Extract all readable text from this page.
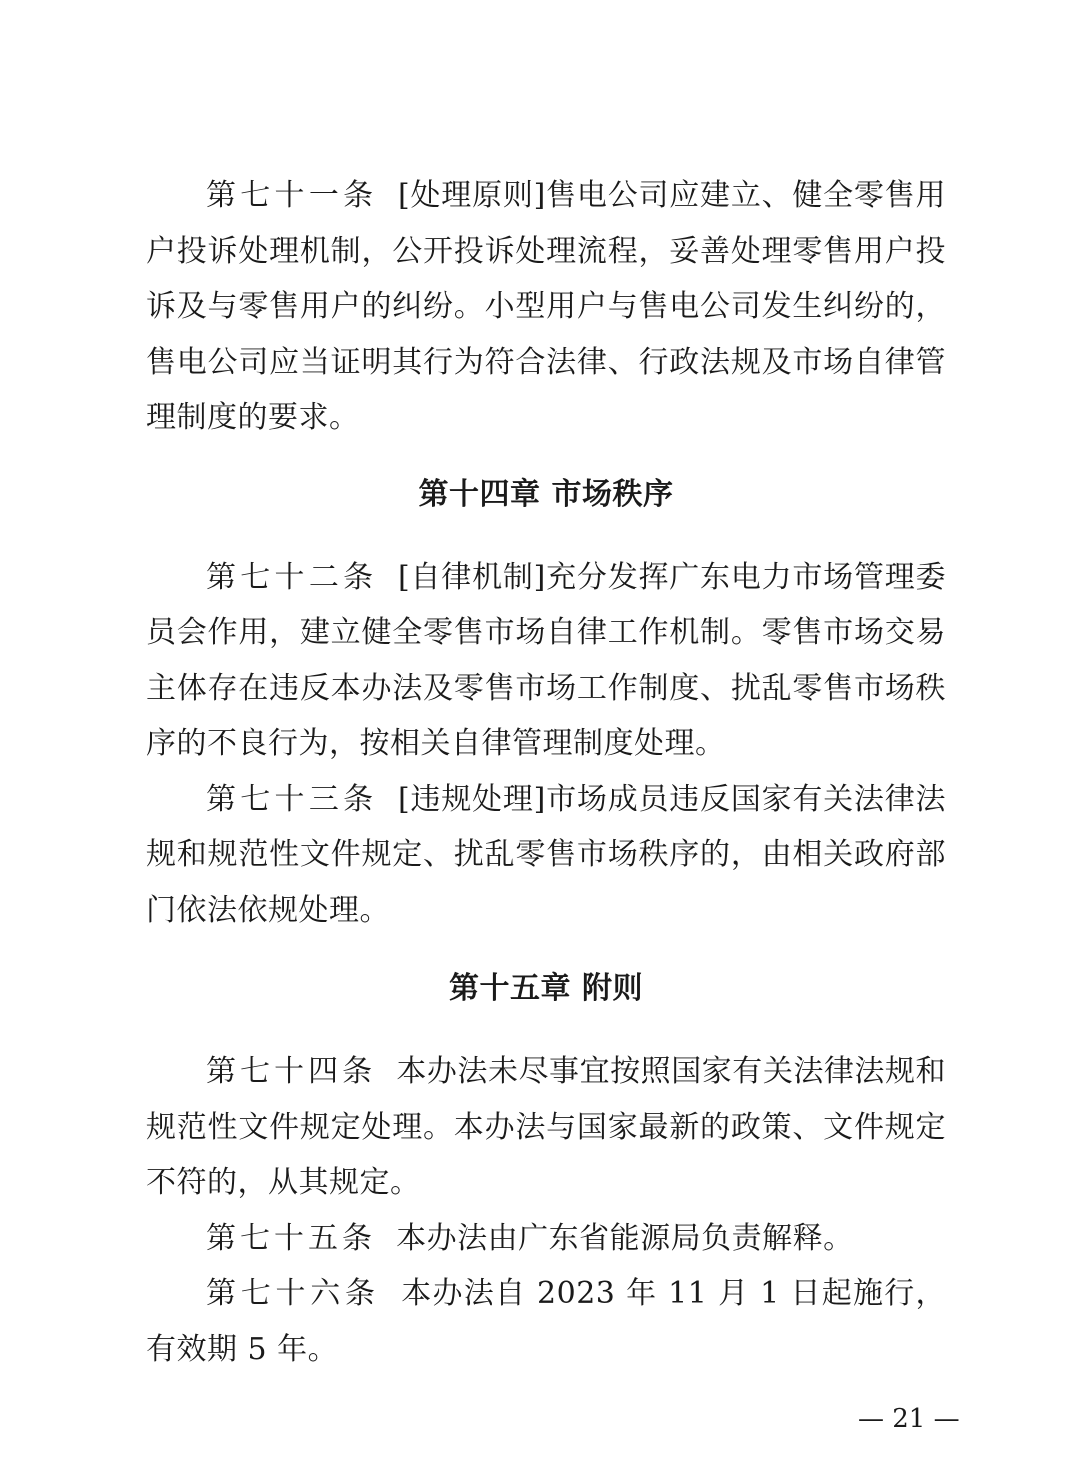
第七十一条 [处理原则]售电公司应建立、健全零售用户投诉处理机制，公开投诉处理流程，妥善处理零售用户投诉及与零售用户的纠纷。小型用户与售电公司发生纠纷的，售电公司应当证明其行为符合法律、行政法规及市场自律管理制度的要求。

第十四章 市场秩序

第七十二条 [自律机制]充分发挥广东电力市场管理委员会作用，建立健全零售市场自律工作机制。零售市场交易主体存在违反本办法及零售市场工作制度、扰乱零售市场秩序的不良行为，按相关自律管理制度处理。

第七十三条 [违规处理]市场成员违反国家有关法律法规和规范性文件规定、扰乱零售市场秩序的，由相关政府部门依法依规处理。

第十五章 附则

第七十四条 本办法未尽事宜按照国家有关法律法规和规范性文件规定处理。本办法与国家最新的政策、文件规定不符的，从其规定。

第七十五条 本办法由广东省能源局负责解释。

第七十六条 本办法自 2023 年 11 月 1 日起施行，有效期 5 年。

— 21 —
